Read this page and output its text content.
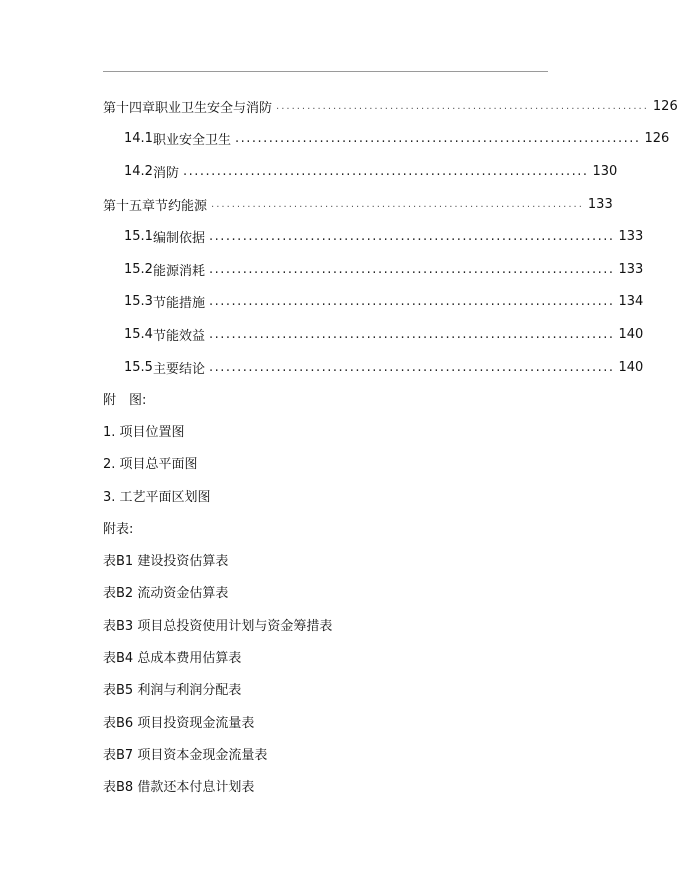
第十四章 职业卫生安全与消防 ........................................................................ 126
14.1 职业安全卫生 ........................................................................ 126
14.2 消防 ........................................................................ 130
第十五章 节约能源 ........................................................................ 133
15.1 编制依据 ........................................................................ 133
15.2 能源消耗 ........................................................................ 133
15.3 节能措施 ........................................................................ 134
15.4 节能效益 ........................................................................ 140
15.5 主要结论 ........................................................................ 140
附　图:
1. 项目位置图
2. 项目总平面图
3. 工艺平面区划图
附表:
表B1 建设投资估算表
表B2 流动资金估算表
表B3 项目总投资使用计划与资金筹措表
表B4 总成本费用估算表
表B5 利润与利润分配表
表B6 项目投资现金流量表
表B7 项目资本金现金流量表
表B8 借款还本付息计划表
